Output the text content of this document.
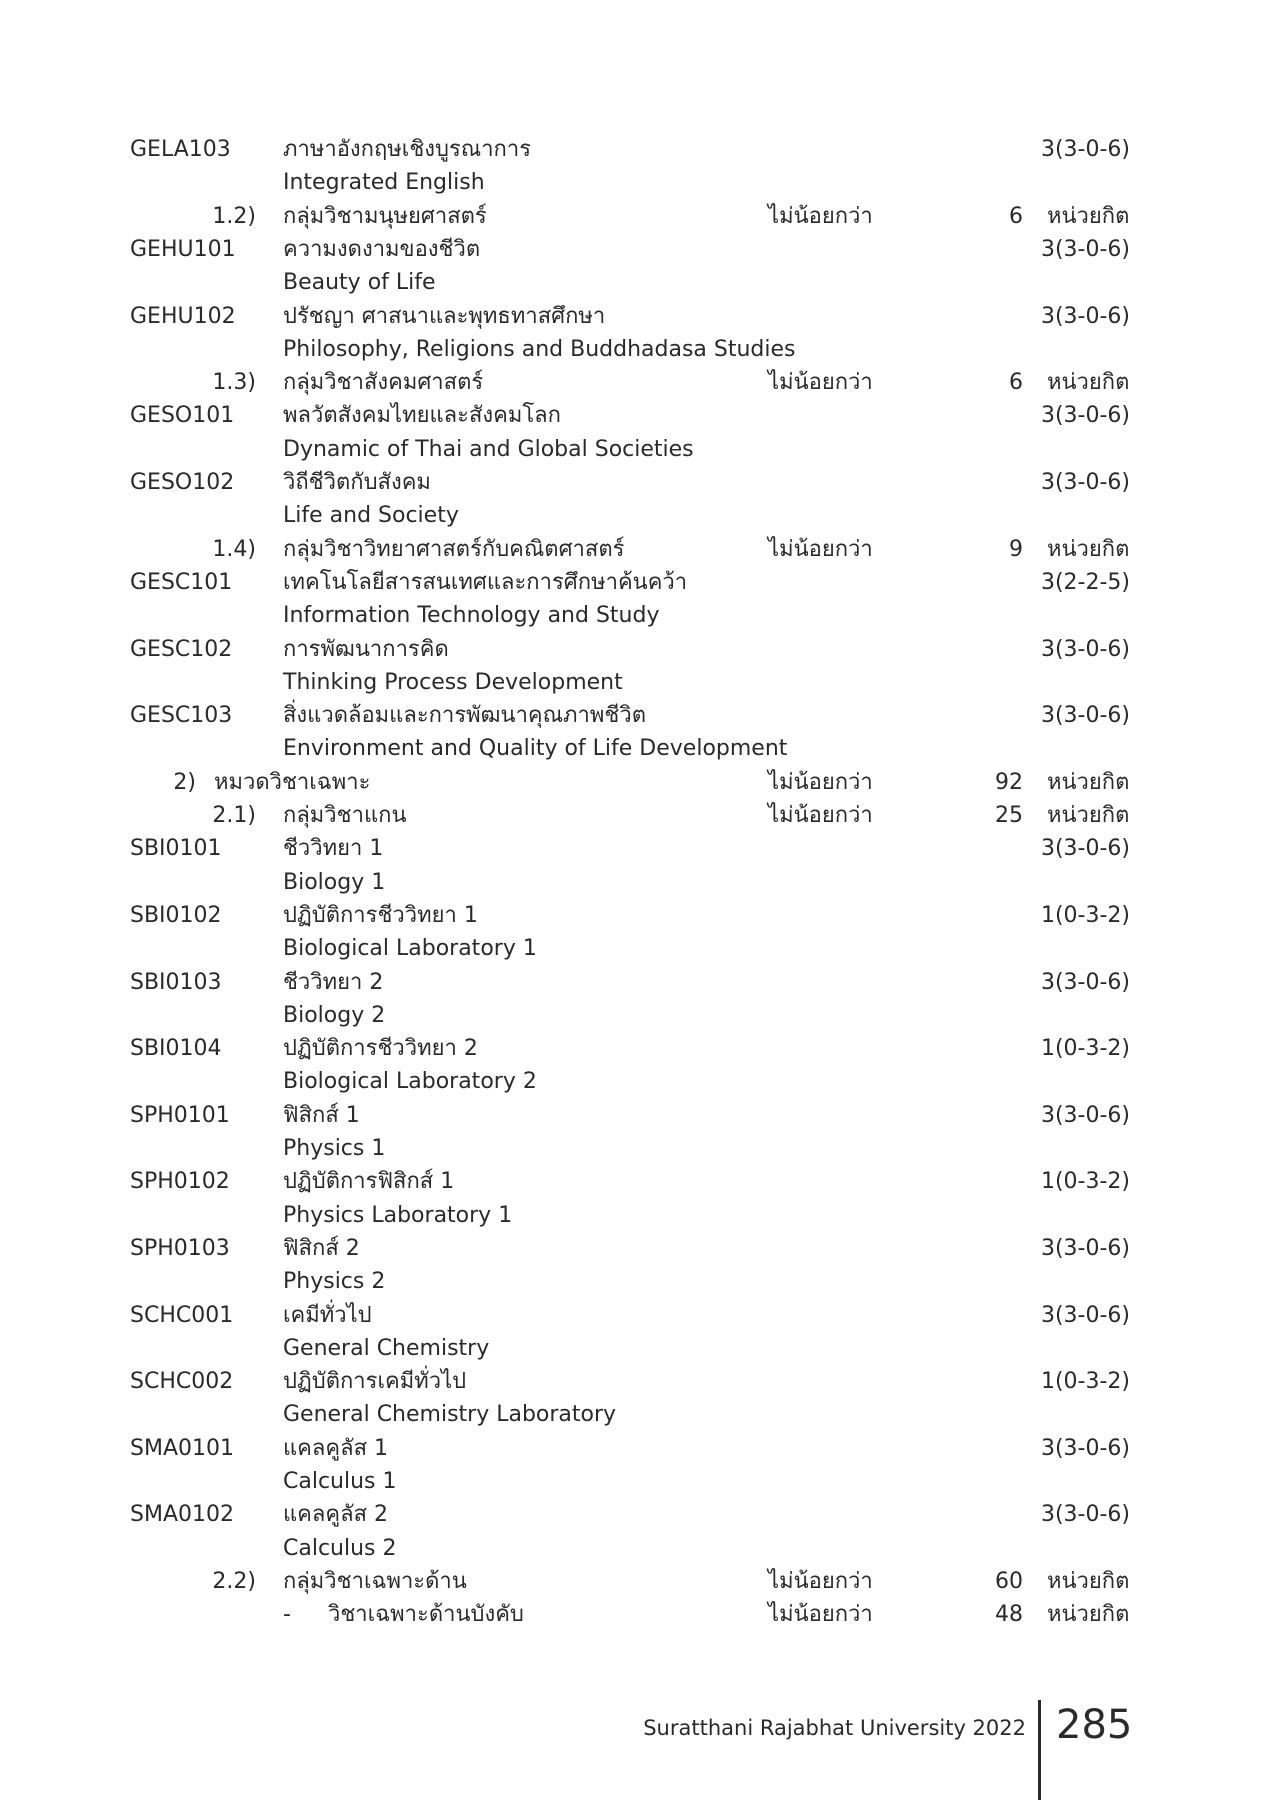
GELA103 ภาษาอังกฤษเชิงบูรณาการ	3(3-0-6)
Integrated English
1.2) กลุ่มวิชามนุษยศาสตร์	ไม่น้อยกว่า	6 หน่วยกิต
GEHU101 ความงดงามของชีวิต	3(3-0-6)
Beauty of Life
GEHU102 ปรัชญา ศาสนาและพุทธทาสศึกษา	3(3-0-6)
Philosophy, Religions and Buddhadasa Studies
1.3) กลุ่มวิชาสังคมศาสตร์	ไม่น้อยกว่า	6 หน่วยกิต
GESO101 พลวัตสังคมไทยและสังคมโลก	3(3-0-6)
Dynamic of Thai and Global Societies
GESO102 วิถีชีวิตกับสังคม	3(3-0-6)
Life and Society
1.4) กลุ่มวิชาวิทยาศาสตร์กับคณิตศาสตร์	ไม่น้อยกว่า	9 หน่วยกิต
GESC101 เทคโนโลยีสารสนเทศและการศึกษาค้นคว้า	3(2-2-5)
Information Technology and Study
GESC102 การพัฒนาการคิด	3(3-0-6)
Thinking Process Development
GESC103 สิ่งแวดล้อมและการพัฒนาคุณภาพชีวิต	3(3-0-6)
Environment and Quality of Life Development
2) หมวดวิชาเฉพาะ	ไม่น้อยกว่า	92 หน่วยกิต
2.1) กลุ่มวิชาแกน	ไม่น้อยกว่า	25 หน่วยกิต
SBI0101	ชีววิทยา 1	3(3-0-6)
Biology 1
SBI0102	ปฏิบัติการชีววิทยา 1	1(0-3-2)
Biological Laboratory 1
SBI0103	ชีววิทยา 2	3(3-0-6)
Biology 2
SBI0104	ปฏิบัติการชีววิทยา 2	1(0-3-2)
Biological Laboratory 2
SPH0101 ฟิสิกส์ 1	3(3-0-6)
Physics 1
SPH0102 ปฏิบัติการฟิสิกส์ 1	1(0-3-2)
Physics Laboratory 1
SPH0103 ฟิสิกส์ 2	3(3-0-6)
Physics 2
SCHC001 เคมีทั่วไป	3(3-0-6)
General Chemistry
SCHC002 ปฏิบัติการเคมีทั่วไป	1(0-3-2)
General Chemistry Laboratory
SMA0101 แคลคูลัส 1	3(3-0-6)
Calculus 1
SMA0102 แคลคูลัส 2	3(3-0-6)
Calculus 2
2.2) กลุ่มวิชาเฉพาะด้าน	ไม่น้อยกว่า	60 หน่วยกิต
- วิชาเฉพาะด้านบังคับ	ไม่น้อยกว่า	48 หน่วยกิต
Suratthani Rajabhat University 2022 285
